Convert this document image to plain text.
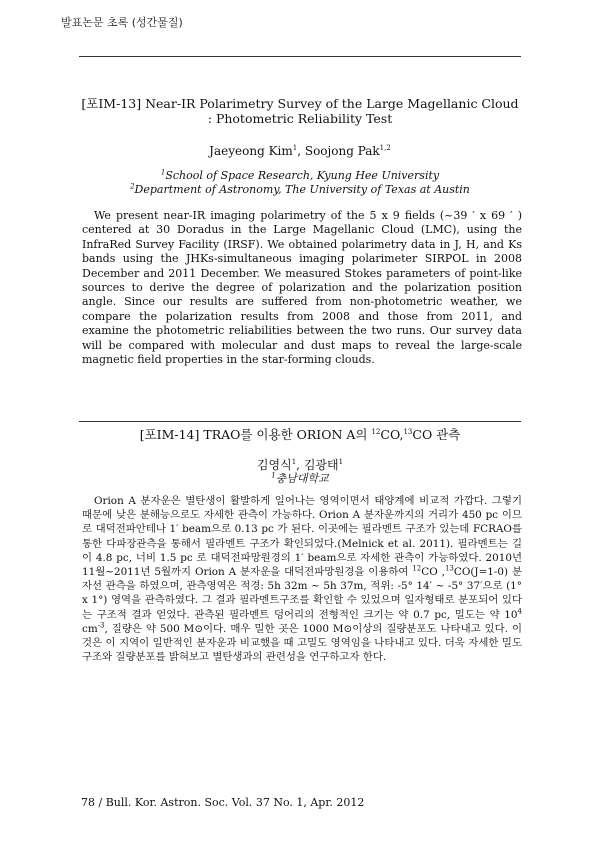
발표논문 초록 (성간물질)
[포IM-13] Near-IR Polarimetry Survey of the Large Magellanic Cloud
: Photometric Reliability Test
Jaeyeong Kim$^1$, Soojong Pak$^{1,2}$
$^1$School of Space Research, Kyung Hee University
$^2$Department of Astronomy, The University of Texas at Austin

We present near-IR imaging polarimetry of the 5 x 9 fields (~39 ′ x 69 ′ ) centered at 30 Doradus in the Large Magellanic Cloud (LMC), using the InfraRed Survey Facility (IRSF). We obtained polarimetry data in J, H, and Ks bands using the JHKs-simultaneous imaging polarimeter SIRPOL in 2008 December and 2011 December. We measured Stokes parameters of point-like sources to derive the degree of polarization and the polarization position angle. Since our results are suffered from non-photometric weather, we compare the polarization results from 2008 and those from 2011, and examine the photometric reliabilities between the two runs. Our survey data will be compared with molecular and dust maps to reveal the large-scale magnetic field properties in the star-forming clouds.

[포IM-14] TRAO를 이용한 ORION A의 $^{12}$CO,$^{13}$CO 관측
김영식$^1$, 김광태$^1$
$^1$충남대학교

Orion A 분자운은 별탄생이 활발하게 일어나는 영역이면서 태양계에 비교적 가깝다. 그렇기 때문에 낮은 분해능으로도 자세한 관측이 가능하다. Orion A 분자운까지의 거리가 450 pc 이므로 대덕전파안테나 1′ beam으로 0.13 pc 가 된다. 이곳에는 필라멘트 구조가 있는데 FCRAO를 통한 다파장관측을 통해서 필라멘트 구조가 확인되었다.(Melnick et al. 2011). 필라멘트는 길이 4.8 pc, 너비 1.5 pc 로 대덕전파망원경의 1′ beam으로 자세한 관측이 가능하였다. 2010년 11월~2011년 5월까지 Orion A 분자운을 대덕전파망원경을 이용하여 $^{12}$CO ,$^{13}$CO(J=1-0) 분자선 관측을 하였으며, 관측영역은 적경: 5h 32m ~ 5h 37m, 적위: -5° 14′ ~ -5° 37′으로 (1° x 1°) 영역을 관측하였다. 그 결과 필라멘트구조를 확인할 수 있었으며 일자형태로 분포되어 있다는 구조적 결과 얻었다. 관측된 필라멘트 덩어리의 전형적인 크기는 약 0.7 pc, 밀도는 약 $10^4$ $cm^{-3}$, 질량은 약 500 M⊙이다. 매우 밀한 곳은 1000 M⊙이상의 질량분포도 나타내고 있다. 이것은 이 지역이 일반적인 분자운과 비교했을 때 고밀도 영역임을 나타내고 있다. 더욱 자세한 밀도구조와 질량분포를 밝혀보고 별탄생과의 관련성을 연구하고자 한다.

78 / Bull. Kor. Astron. Soc. Vol. 37 No. 1, Apr. 2012
